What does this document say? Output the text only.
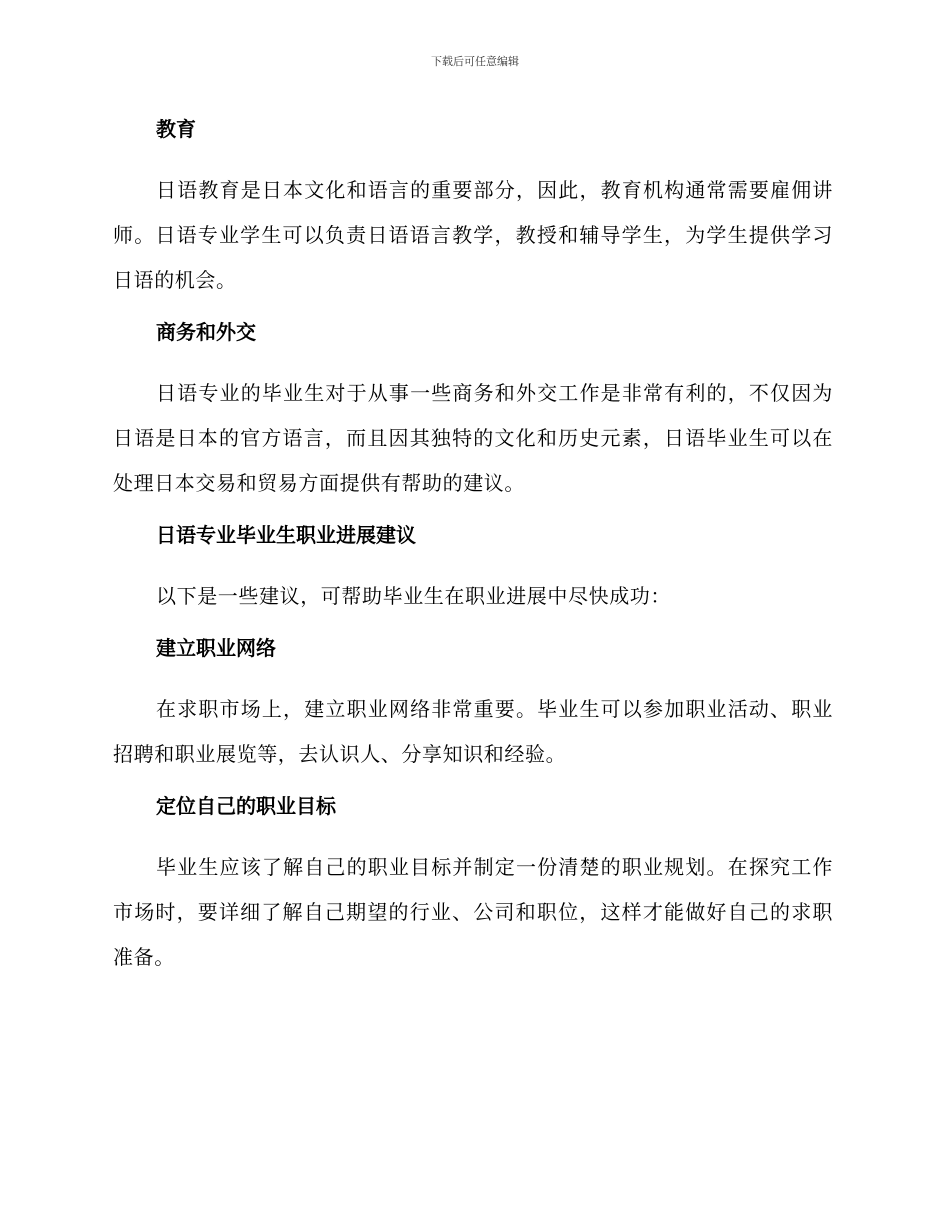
下载后可任意编辑
教育
日语教育是日本文化和语言的重要部分，因此，教育机构通常需要雇佣讲师。日语专业学生可以负责日语语言教学，教授和辅导学生，为学生提供学习日语的机会。
商务和外交
日语专业的毕业生对于从事一些商务和外交工作是非常有利的，不仅因为日语是日本的官方语言，而且因其独特的文化和历史元素，日语毕业生可以在处理日本交易和贸易方面提供有帮助的建议。
日语专业毕业生职业进展建议
以下是一些建议，可帮助毕业生在职业进展中尽快成功：
建立职业网络
在求职市场上，建立职业网络非常重要。毕业生可以参加职业活动、职业招聘和职业展览等，去认识人、分享知识和经验。
定位自己的职业目标
毕业生应该了解自己的职业目标并制定一份清楚的职业规划。在探究工作市场时，要详细了解自己期望的行业、公司和职位，这样才能做好自己的求职准备。
